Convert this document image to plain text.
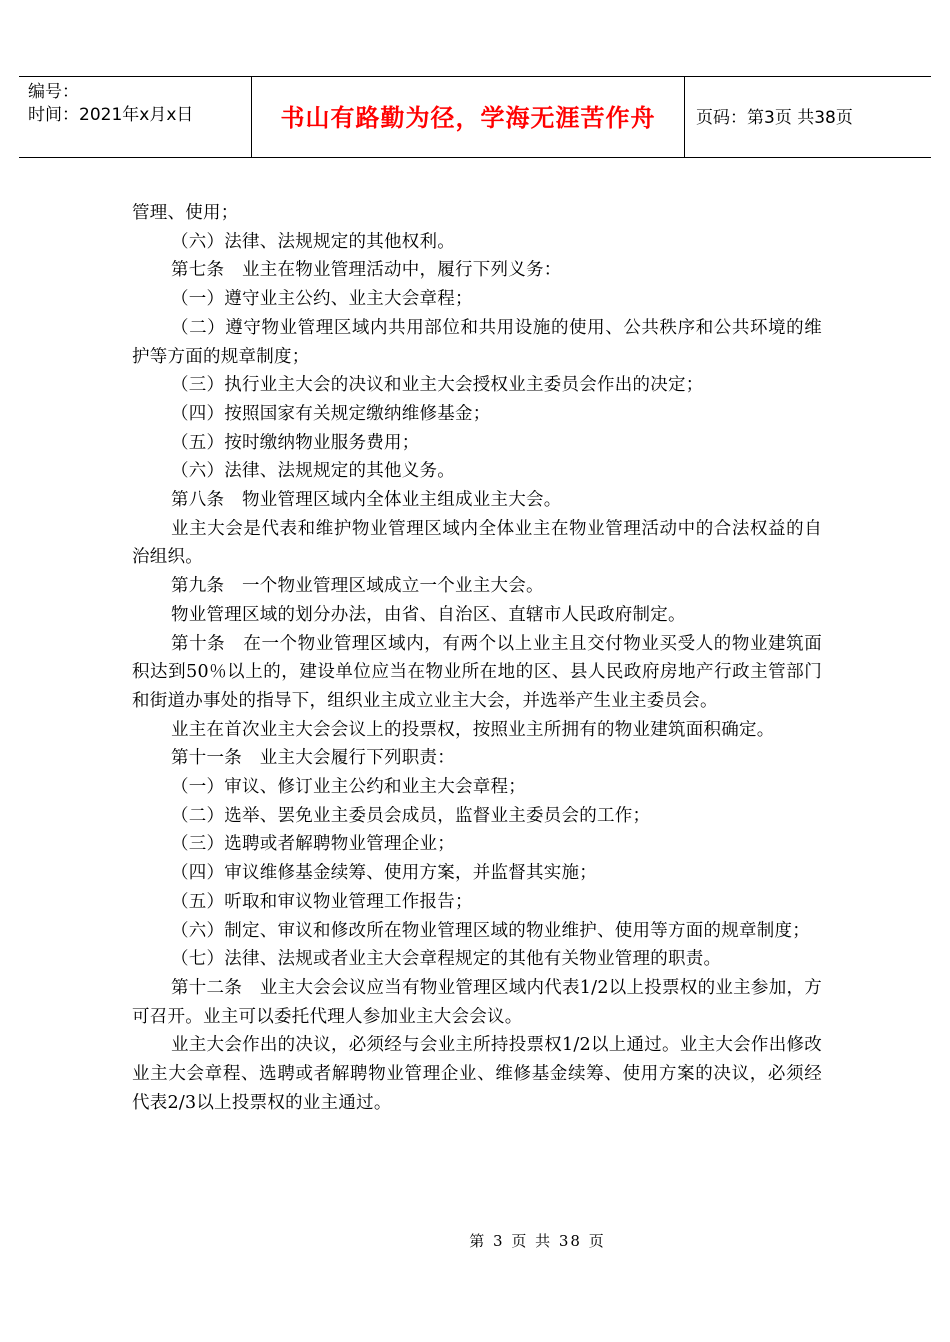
编号：
时间：2021年x月x日	书山有路勤为径，学海无涯苦作舟	页码：第3页 共38页

管理、使用；

（六）法律、法规规定的其他权利。

第七条　业主在物业管理活动中，履行下列义务：

（一）遵守业主公约、业主大会章程；

（二）遵守物业管理区域内共用部位和共用设施的使用、公共秩序和公共环境的维护等方面的规章制度；

（三）执行业主大会的决议和业主大会授权业主委员会作出的决定；

（四）按照国家有关规定缴纳维修基金；

（五）按时缴纳物业服务费用；

（六）法律、法规规定的其他义务。

第八条　物业管理区域内全体业主组成业主大会。

业主大会是代表和维护物业管理区域内全体业主在物业管理活动中的合法权益的自治组织。

第九条　一个物业管理区域成立一个业主大会。

物业管理区域的划分办法，由省、自治区、直辖市人民政府制定。

第十条　在一个物业管理区域内，有两个以上业主且交付物业买受人的物业建筑面积达到50％以上的，建设单位应当在物业所在地的区、县人民政府房地产行政主管部门和街道办事处的指导下，组织业主成立业主大会，并选举产生业主委员会。

业主在首次业主大会会议上的投票权，按照业主所拥有的物业建筑面积确定。

第十一条　业主大会履行下列职责：

（一）审议、修订业主公约和业主大会章程；

（二）选举、罢免业主委员会成员，监督业主委员会的工作；

（三）选聘或者解聘物业管理企业；

（四）审议维修基金续筹、使用方案，并监督其实施；

（五）听取和审议物业管理工作报告；

（六）制定、审议和修改所在物业管理区域的物业维护、使用等方面的规章制度；

（七）法律、法规或者业主大会章程规定的其他有关物业管理的职责。

第十二条　业主大会会议应当有物业管理区域内代表1/2以上投票权的业主参加，方可召开。业主可以委托代理人参加业主大会会议。

业主大会作出的决议，必须经与会业主所持投票权1/2以上通过。业主大会作出修改业主大会章程、选聘或者解聘物业管理企业、维修基金续筹、使用方案的决议，必须经代表2/3以上投票权的业主通过。

第 3 页 共 38 页
